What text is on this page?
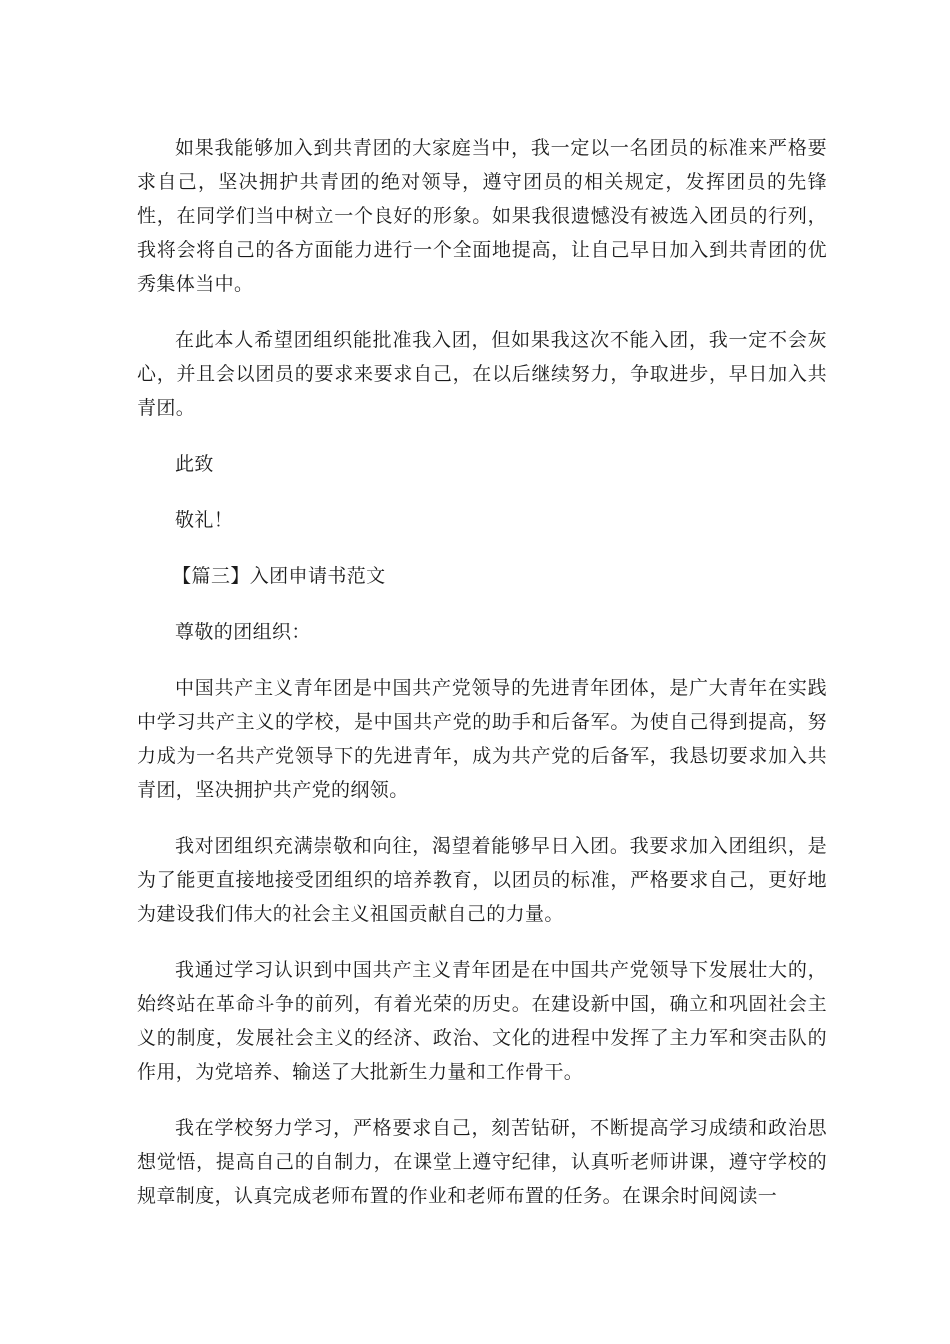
如果我能够加入到共青团的大家庭当中，我一定以一名团员的标准来严格要求自己，坚决拥护共青团的绝对领导，遵守团员的相关规定，发挥团员的先锋性，在同学们当中树立一个良好的形象。如果我很遗憾没有被选入团员的行列，我将会将自己的各方面能力进行一个全面地提高，让自己早日加入到共青团的优秀集体当中。

在此本人希望团组织能批准我入团，但如果我这次不能入团，我一定不会灰心，并且会以团员的要求来要求自己，在以后继续努力，争取进步，早日加入共青团。

此致

敬礼！

【篇三】入团申请书范文

尊敬的团组织：

中国共产主义青年团是中国共产党领导的先进青年团体，是广大青年在实践中学习共产主义的学校，是中国共产党的助手和后备军。为使自己得到提高，努力成为一名共产党领导下的先进青年，成为共产党的后备军，我恳切要求加入共青团，坚决拥护共产党的纲领。

我对团组织充满崇敬和向往，渴望着能够早日入团。我要求加入团组织，是为了能更直接地接受团组织的培养教育，以团员的标准，严格要求自己，更好地为建设我们伟大的社会主义祖国贡献自己的力量。

我通过学习认识到中国共产主义青年团是在中国共产党领导下发展壮大的，始终站在革命斗争的前列，有着光荣的历史。在建设新中国，确立和巩固社会主义的制度，发展社会主义的经济、政治、文化的进程中发挥了主力军和突击队的作用，为党培养、输送了大批新生力量和工作骨干。

我在学校努力学习，严格要求自己，刻苦钻研，不断提高学习成绩和政治思想觉悟，提高自己的自制力，在课堂上遵守纪律，认真听老师讲课，遵守学校的规章制度，认真完成老师布置的作业和老师布置的任务。在课余时间阅读一
